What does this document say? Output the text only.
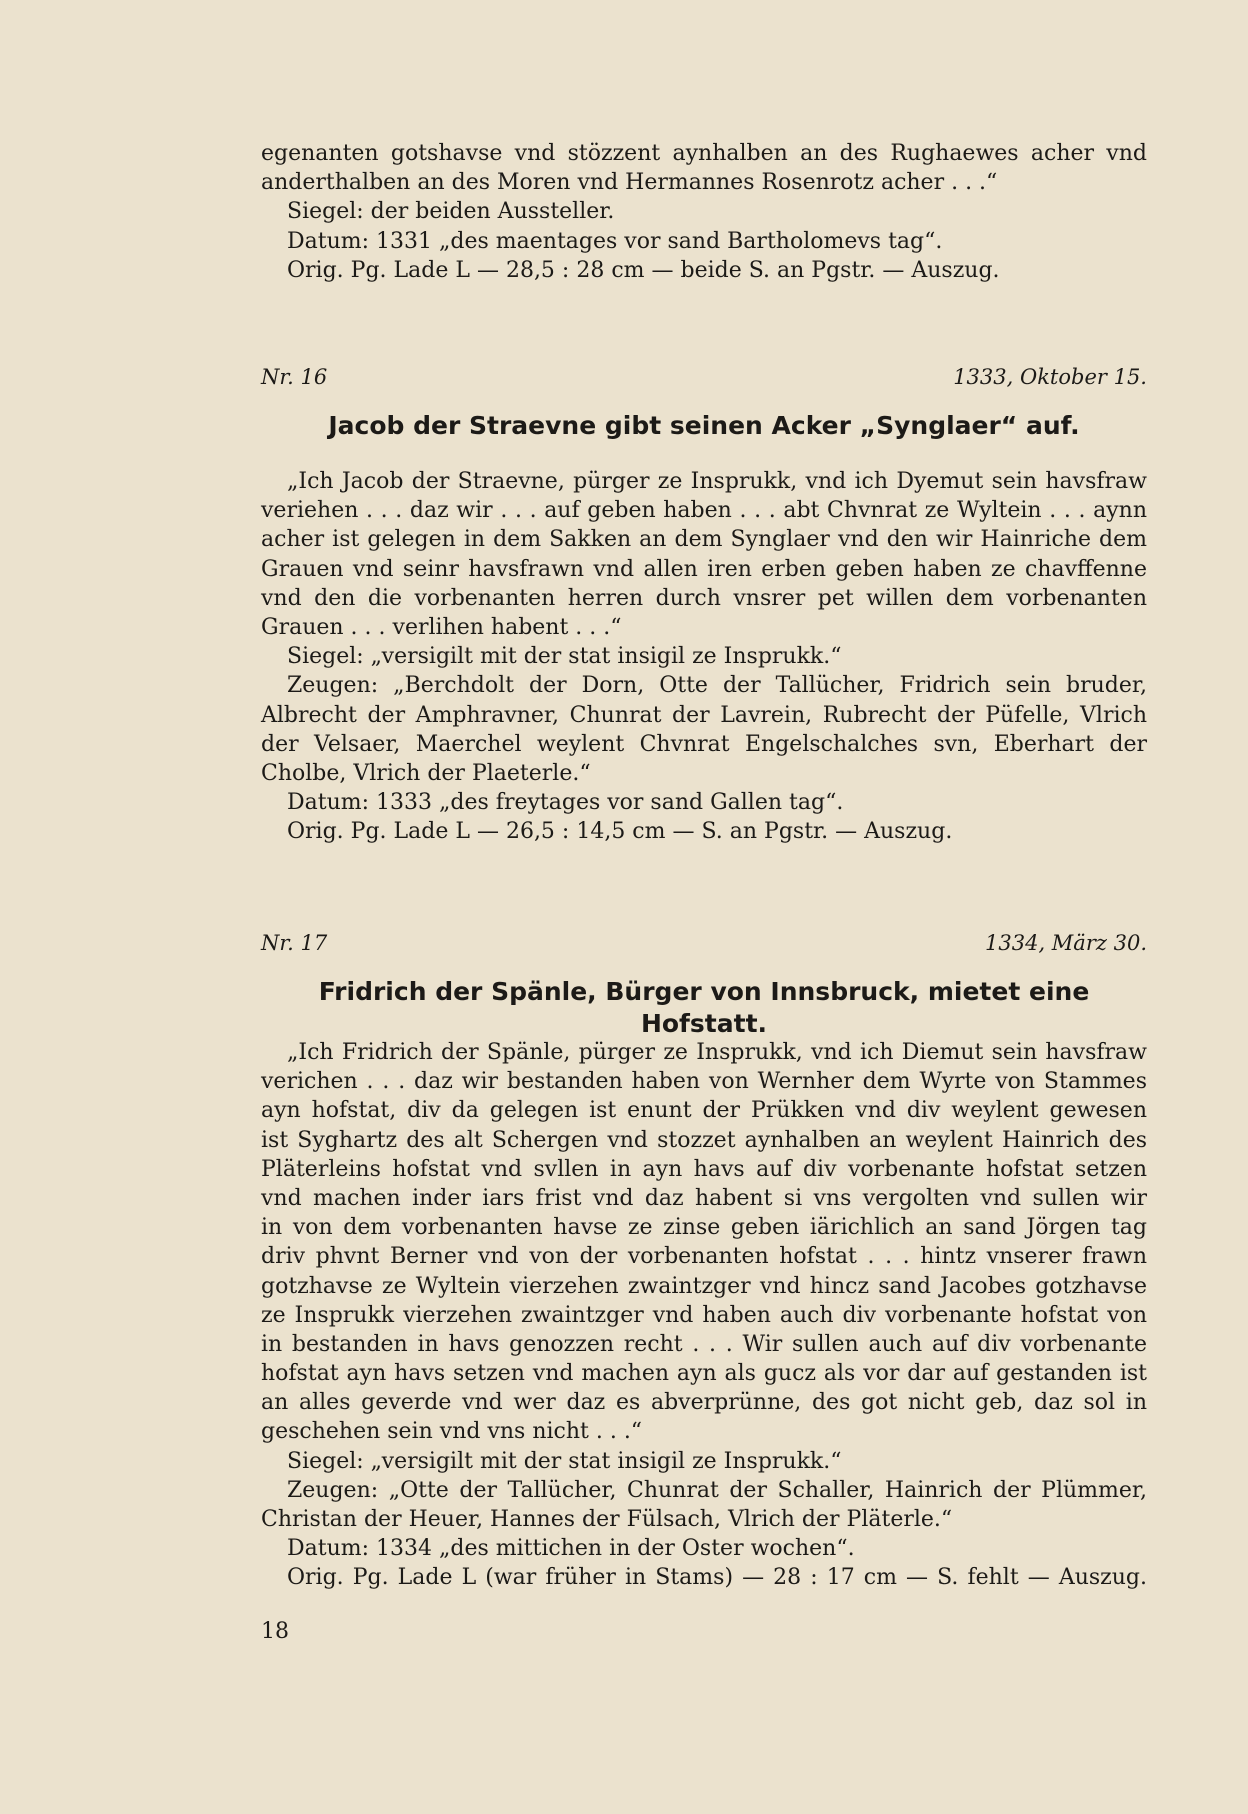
egenanten gotshavse vnd stözzent aynhalben an des Rughaewes acher vnd
anderthalben an des Moren vnd Hermannes Rosenrotz acher . . .“
Siegel: der beiden Aussteller.
Datum: 1331 „des maentages vor sand Bartholomevs tag“.
Orig. Pg. Lade L — 28,5 : 28 cm — beide S. an Pgstr. — Auszug.
Nr. 16	1333, Oktober 15.
Jacob der Straevne gibt seinen Acker „Synglaer“ auf.
„Ich Jacob der Straevne, pürger ze Insprukk, vnd ich Dyemut sein havsfraw
veriehen . . . daz wir . . . auf geben haben . . . abt Chvnrat ze Wyltein . . . aynn
acher ist gelegen in dem Sakken an dem Synglaer vnd den wir Hainriche dem
Grauen vnd seinr havsfrawn vnd allen iren erben geben haben ze chavffenne
vnd den die vorbenanten herren durch vnsrer pet willen dem vorbenanten
Grauen . . . verlihen habent . . .“
Siegel: „versigilt mit der stat insigil ze Insprukk.“
Zeugen: „Berchdolt der Dorn, Otte der Tallücher, Fridrich sein bruder,
Albrecht der Amphravner, Chunrat der Lavrein, Rubrecht der Püfelle, Vlrich
der Velsaer, Maerchel weylent Chvnrat Engelschalches svn, Eberhart der
Cholbe, Vlrich der Plaeterle.“
Datum: 1333 „des freytages vor sand Gallen tag“.
Orig. Pg. Lade L — 26,5 : 14,5 cm — S. an Pgstr. — Auszug.
Nr. 17	1334, März 30.
Fridrich der Spänle, Bürger von Innsbruck, mietet eine Hofstatt.
„Ich Fridrich der Spänle, pürger ze Insprukk, vnd ich Diemut sein havsfraw
verichen . . . daz wir bestanden haben von Wernher dem Wyrte von Stammes
ayn hofstat, div da gelegen ist enunt der Prükken vnd div weylent gewesen
ist Syghartz des alt Schergen vnd stozzet aynhalben an weylent Hainrich des
Pläterleins hofstat vnd svllen in ayn havs auf div vorbenante hofstat setzen
vnd machen inder iars frist vnd daz habent si vns vergolten vnd sullen wir
in von dem vorbenanten havse ze zinse geben iärichlich an sand Jörgen tag
driv phvnt Berner vnd von der vorbenanten hofstat . . . hintz vnserer frawn
gotzhavse ze Wyltein vierzehen zwaintzger vnd hincz sand Jacobes gotzhavse
ze Insprukk vierzehen zwaintzger vnd haben auch div vorbenante hofstat von
in bestanden in havs genozzen recht . . . Wir sullen auch auf div vorbenante
hofstat ayn havs setzen vnd machen ayn als gucz als vor dar auf gestanden ist
an alles geverde vnd wer daz es abverprünne, des got nicht geb, daz sol in
geschehen sein vnd vns nicht . . .“
Siegel: „versigilt mit der stat insigil ze Insprukk.“
Zeugen: „Otte der Tallücher, Chunrat der Schaller, Hainrich der Plümmer,
Christan der Heuer, Hannes der Fülsach, Vlrich der Pläterle.“
Datum: 1334 „des mittichen in der Oster wochen“.
Orig. Pg. Lade L (war früher in Stams) — 28 : 17 cm — S. fehlt — Auszug.
18
